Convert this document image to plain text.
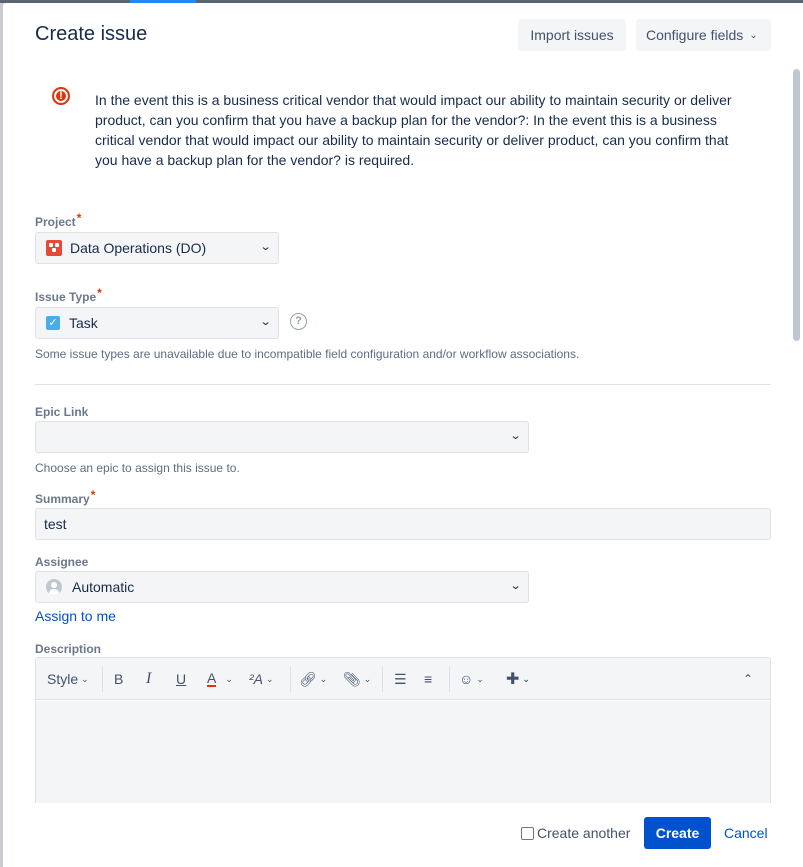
Create issue	Import issues	Configure fields ⌄
!
In the event this is a business critical vendor that would impact our ability to maintain security or deliver product, can you confirm that you have a backup plan for the vendor?: In the event this is a business critical vendor that would impact our ability to maintain security or deliver product, can you confirm that you have a backup plan for the vendor? is required.
Project*
Data Operations (DO)	⌄
Issue Type*
✓ Task	⌄	?
Some issue types are unavailable due to incompatible field configuration and/or workflow associations.
Epic Link
⌄
Choose an epic to assign this issue to.
Summary*
test
Assignee
Automatic	⌄
Assign to me
Description
Style ⌄ B I U A ⌄ ²A ⌄ 🔗︎ ⌄ 📎︎ ⌄ ☰ ≡ ☺ ⌄ ✚ ⌄	⌃
Create another	Create	Cancel
